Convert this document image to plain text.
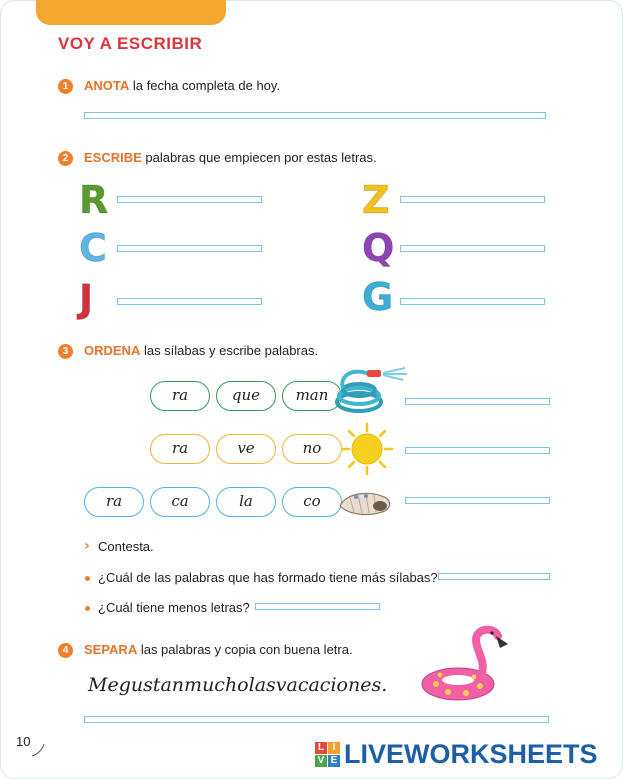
VOY A ESCRIBIR
1	ANOTA la fecha completa de hoy.
2	ESCRIBE palabras que empiecen por estas letras.
R	Z
C	Q
J	G
3	ORDENA las sílabas y escribe palabras.
ra	que	man
ra	ve	no
ra	ca	la	co
› Contesta.
¿Cuál de las palabras que has formado tiene más sílabas?
¿Cuál tiene menos letras?
4	SEPARA las palabras y copia con buena letra.
Megustanmucholasvacaciones.
10	L I
V E LIVEWORKSHEETS
